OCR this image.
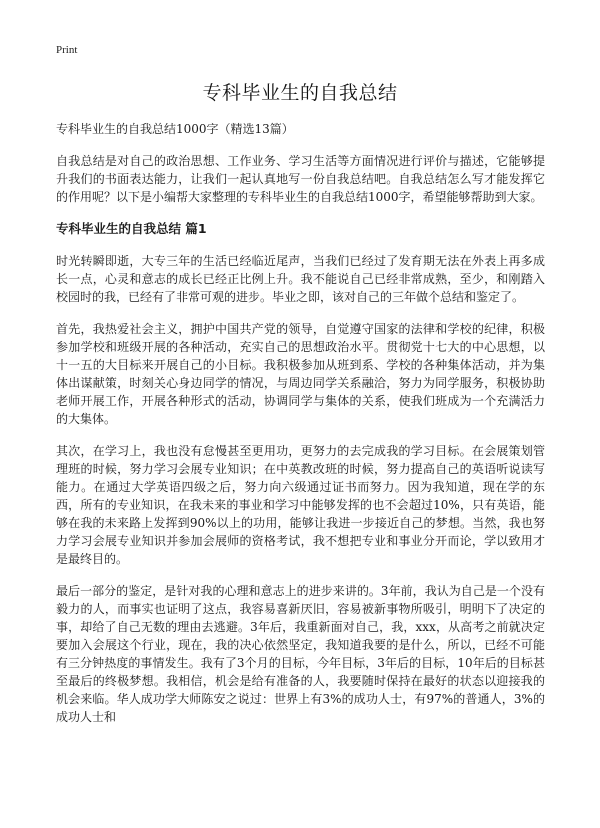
Print
专科毕业生的自我总结

专科毕业生的自我总结1000字（精选13篇）

自我总结是对自己的政治思想、工作业务、学习生活等方面情况进行评价与描述，它能够提升我们的书面表达能力，让我们一起认真地写一份自我总结吧。自我总结怎么写才能发挥它的作用呢？以下是小编帮大家整理的专科毕业生的自我总结1000字，希望能够帮助到大家。

专科毕业生的自我总结 篇1

时光转瞬即逝，大专三年的生活已经临近尾声，当我们已经过了发育期无法在外表上再多成长一点，心灵和意志的成长已经正比例上升。我不能说自己已经非常成熟，至少，和刚踏入校园时的我，已经有了非常可观的进步。毕业之即，该对自己的三年做个总结和鉴定了。

首先，我热爱社会主义，拥护中国共产党的领导，自觉遵守国家的法律和学校的纪律，积极参加学校和班级开展的各种活动，充实自己的思想政治水平。贯彻党十七大的中心思想，以十一五的大目标来开展自己的小目标。我积极参加从班到系、学校的各种集体活动，并为集体出谋献策，时刻关心身边同学的情况，与周边同学关系融洽，努力为同学服务，积极协助老师开展工作，开展各种形式的活动，协调同学与集体的关系，使我们班成为一个充满活力的大集体。

其次，在学习上，我也没有怠慢甚至更用功，更努力的去完成我的学习目标。在会展策划管理班的时候，努力学习会展专业知识；在中英教改班的时候，努力提高自己的英语听说读写能力。在通过大学英语四级之后，努力向六级通过证书而努力。因为我知道，现在学的东西，所有的专业知识，在我未来的事业和学习中能够发挥的也不会超过10%，只有英语，能够在我的未来路上发挥到90%以上的功用，能够让我进一步接近自己的梦想。当然，我也努力学习会展专业知识并参加会展师的资格考试，我不想把专业和事业分开而论，学以致用才是最终目的。

最后一部分的鉴定，是针对我的心理和意志上的进步来讲的。3年前，我认为自己是一个没有毅力的人，而事实也证明了这点，我容易喜新厌旧，容易被新事物所吸引，明明下了决定的事，却给了自己无数的理由去逃避。3年后，我重新面对自己，我，xxx，从高考之前就决定要加入会展这个行业，现在，我的决心依然坚定，我知道我要的是什么，所以，已经不可能有三分钟热度的事情发生。我有了3个月的目标，今年目标，3年后的目标，10年后的目标甚至最后的终极梦想。我相信，机会是给有准备的人，我要随时保持在最好的状态以迎接我的机会来临。华人成功学大师陈安之说过：世界上有3%的成功人士，有97%的普通人，3%的成功人士和
